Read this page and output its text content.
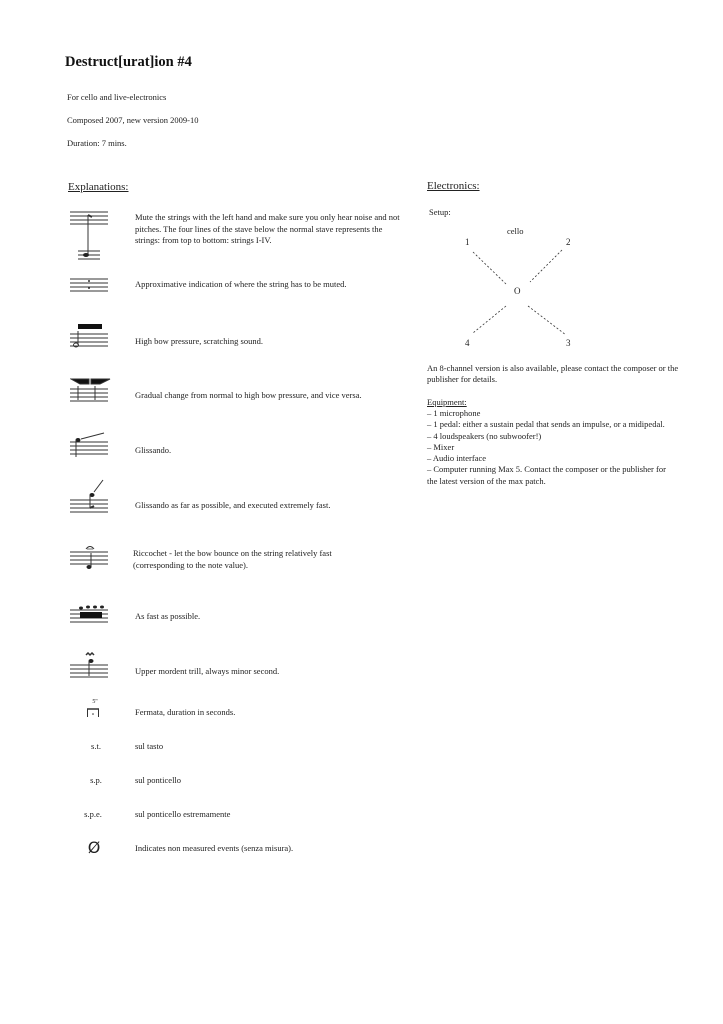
Destruct[urat]ion #4
For cello and live-electronics
Composed 2007, new version 2009-10
Duration: 7 mins.
Explanations:
5''
s.t.
s.p.
s.p.e.
Ø
Mute the strings with the left hand and make sure you only hear noise and not pitches. The four lines of the stave below the normal stave represents the strings: from top to bottom: strings I-IV.
Approximative indication of where the string has to be muted.
High bow pressure, scratching sound.
Gradual change from normal to high bow pressure, and vice versa.
Glissando.
Glissando as far as possible, and executed extremely fast.
Riccochet - let the bow bounce on the string relatively fast (corresponding to the note value).
As fast as possible.
Upper mordent trill, always minor second.
Fermata, duration in seconds.
sul tasto
sul ponticello
sul ponticello estremamente
Indicates non measured events (senza misura).
Electronics:
Setup:
cello
1	2
3
4
O
An 8-channel version is also available, please contact the composer or the publisher for details.
Equipment:
– 1 microphone
– 1 pedal: either a sustain pedal that sends an impulse, or a midipedal.
– 4 loudspeakers (no subwoofer!)
– Mixer
– Audio interface
– Computer running Max 5. Contact the composer or the publisher for the latest version of the max patch.
